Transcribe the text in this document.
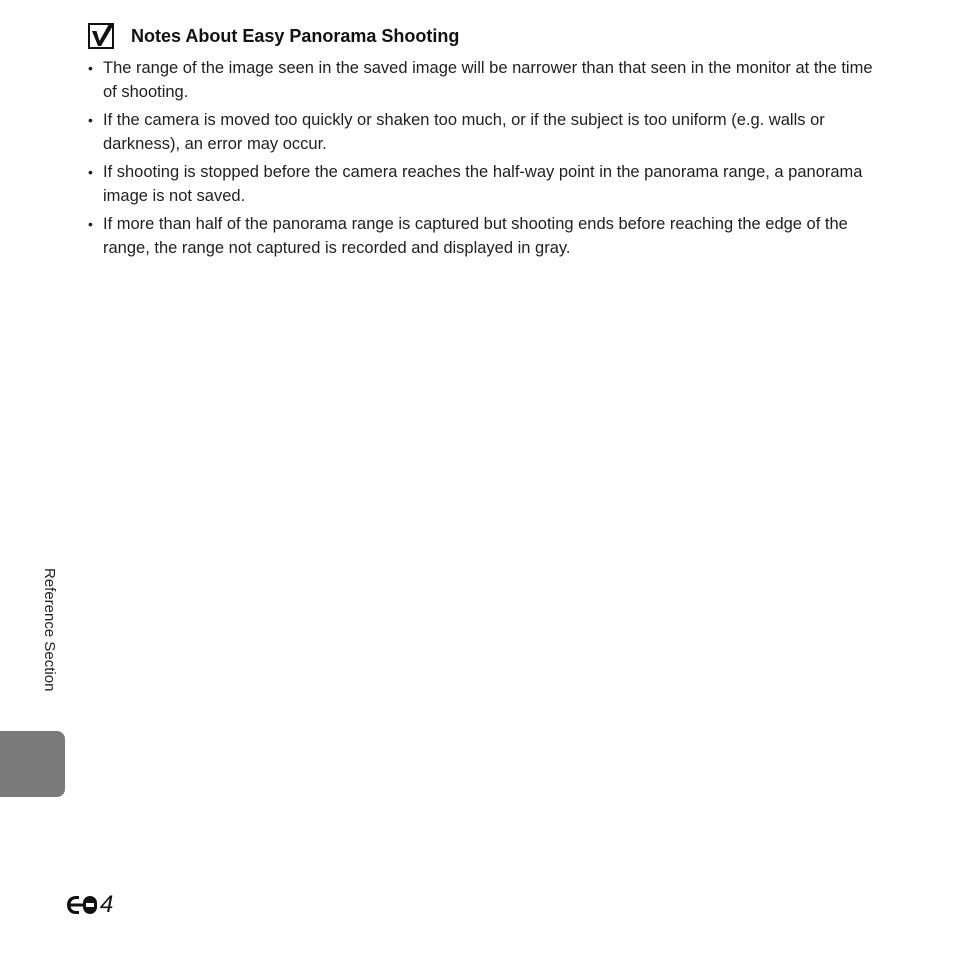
Notes About Easy Panorama Shooting
• The range of the image seen in the saved image will be narrower than that seen in the monitor at the time of shooting.
• If the camera is moved too quickly or shaken too much, or if the subject is too uniform (e.g. walls or darkness), an error may occur.
• If shooting is stopped before the camera reaches the half-way point in the panorama range, a panorama image is not saved.
• If more than half of the panorama range is captured but shooting ends before reaching the edge of the range, the range not captured is recorded and displayed in gray.
Reference Section
4
